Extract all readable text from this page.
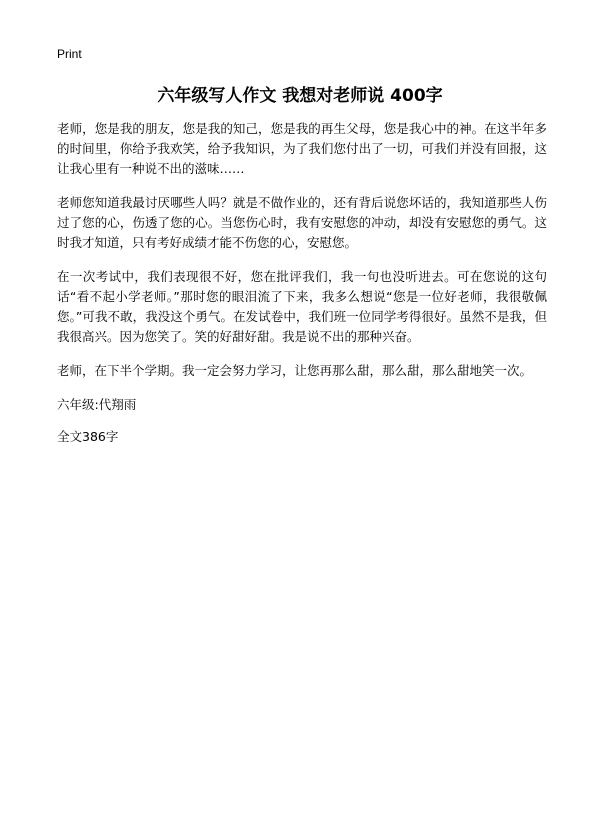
Print
六年级写人作文 我想对老师说 400字

老师，您是我的朋友，您是我的知己，您是我的再生父母，您是我心中的神。在这半年多的时间里，你给予我欢笑，给予我知识，为了我们您付出了一切，可我们并没有回报，这让我心里有一种说不出的滋味……

老师您知道我最讨厌哪些人吗？就是不做作业的，还有背后说您坏话的，我知道那些人伤过了您的心，伤透了您的心。当您伤心时，我有安慰您的冲动，却没有安慰您的勇气。这时我才知道，只有考好成绩才能不伤您的心，安慰您。

在一次考试中，我们表现很不好，您在批评我们，我一句也没听进去。可在您说的这句话“看不起小学老师。”那时您的眼泪流了下来，我多么想说“您是一位好老师，我很敬佩您。”可我不敢，我没这个勇气。在发试卷中，我们班一位同学考得很好。虽然不是我，但我很高兴。因为您笑了。笑的好甜好甜。我是说不出的那种兴奋。

老师，在下半个学期。我一定会努力学习，让您再那么甜，那么甜，那么甜地笑一次。

六年级:代翔雨

全文386字
